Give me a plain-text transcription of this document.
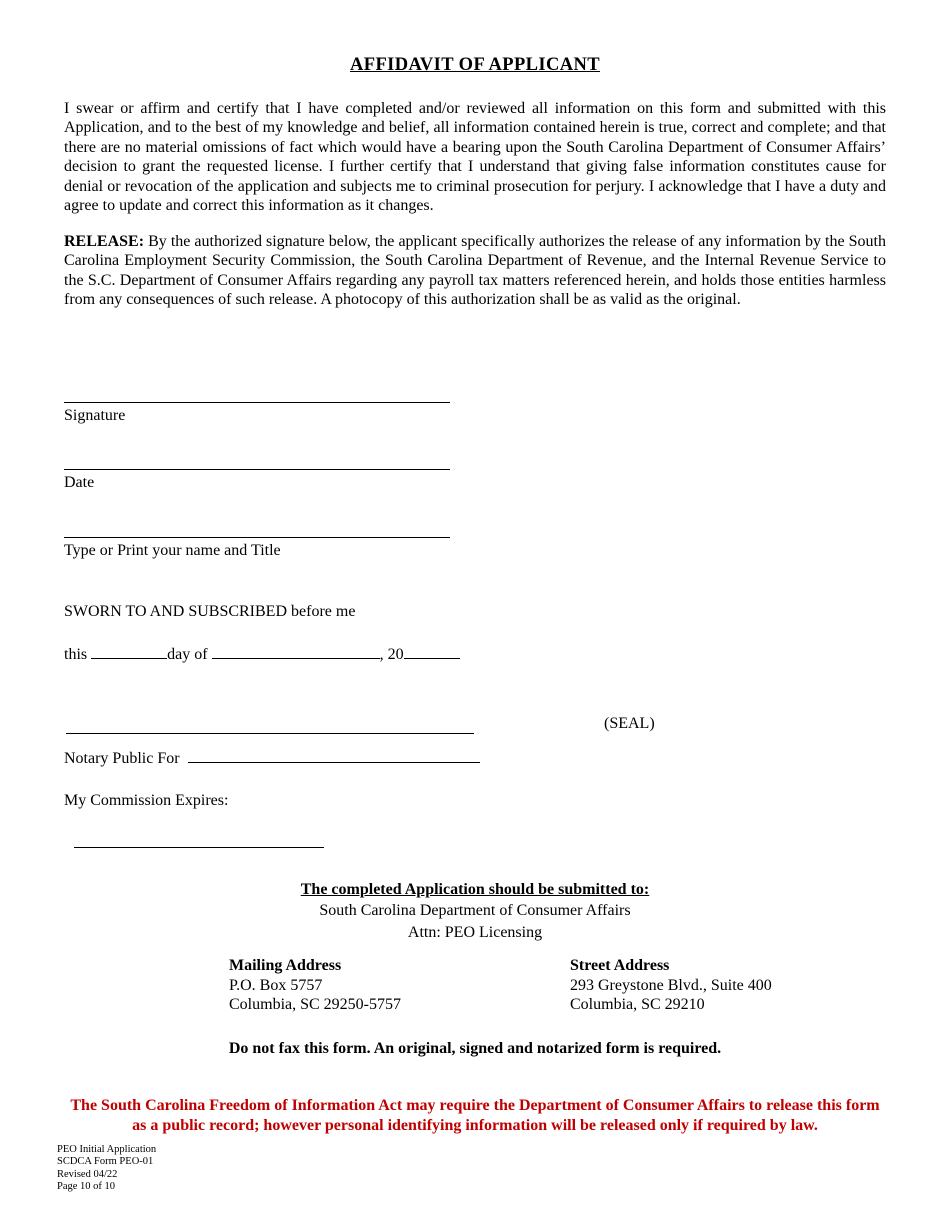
AFFIDAVIT OF APPLICANT

I swear or affirm and certify that I have completed and/or reviewed all information on this form and submitted with this Application, and to the best of my knowledge and belief, all information contained herein is true, correct and complete; and that there are no material omissions of fact which would have a bearing upon the South Carolina Department of Consumer Affairs’ decision to grant the requested license. I further certify that I understand that giving false information constitutes cause for denial or revocation of the application and subjects me to criminal prosecution for perjury. I acknowledge that I have a duty and agree to update and correct this information as it changes.

RELEASE: By the authorized signature below, the applicant specifically authorizes the release of any information by the South Carolina Employment Security Commission, the South Carolina Department of Revenue, and the Internal Revenue Service to the S.C. Department of Consumer Affairs regarding any payroll tax matters referenced herein, and holds those entities harmless from any consequences of such release. A photocopy of this authorization shall be as valid as the original.

Signature
Date
Type or Print your name and Title
SWORN TO AND SUBSCRIBED before me
this	day of	, 20
(SEAL)
Notary Public For
My Commission Expires:
The completed Application should be submitted to:
South Carolina Department of Consumer Affairs
Attn: PEO Licensing
Mailing Address
P.O. Box 5757
Columbia, SC 29250-5757
Street Address
293 Greystone Blvd., Suite 400
Columbia, SC 29210
Do not fax this form. An original, signed and notarized form is required.
The South Carolina Freedom of Information Act may require the Department of Consumer Affairs to release this form as a public record; however personal identifying information will be released only if required by law.
PEO Initial Application
SCDCA Form PEO-01
Revised 04/22
Page 10 of 10
